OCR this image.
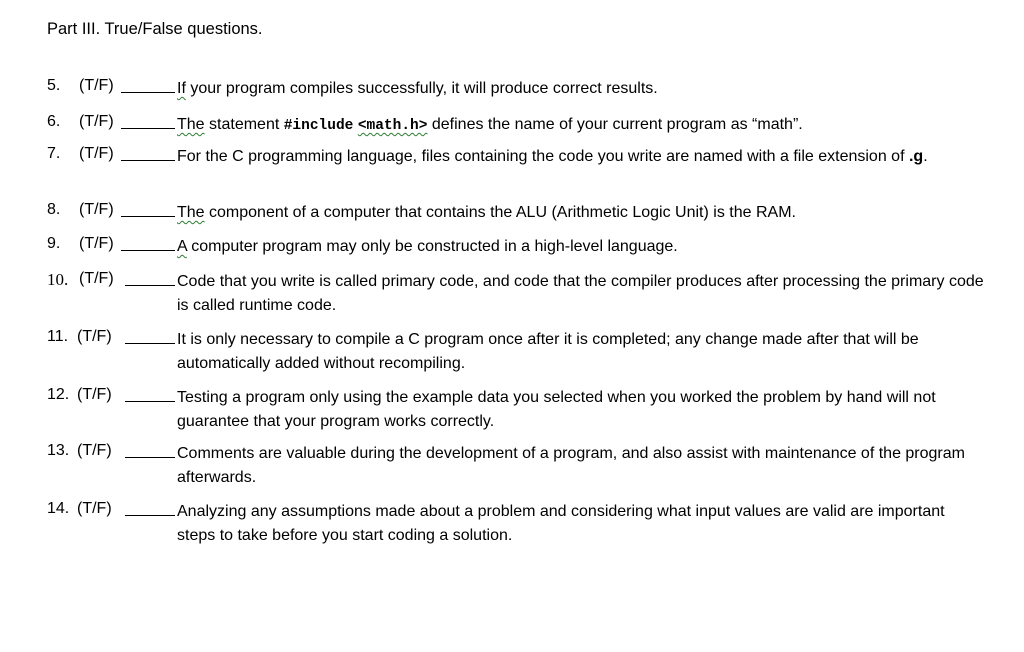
Part III. True/False questions.
5. (T/F)	If your program compiles successfully, it will produce correct results.
6. (T/F)	The statement #include <math.h> defines the name of your current program as “math”.
7. (T/F)	For the C programming language, files containing the code you write are named with a file extension of .g.
8. (T/F)	The component of a computer that contains the ALU (Arithmetic Logic Unit) is the RAM.
9. (T/F)	A computer program may only be constructed in a high-level language.
10. (T/F)	Code that you write is called primary code, and code that the compiler produces after processing the primary code is called runtime code.
11. (T/F)	It is only necessary to compile a C program once after it is completed; any change made after that will be automatically added without recompiling.
12. (T/F)	Testing a program only using the example data you selected when you worked the problem by hand will not guarantee that your program works correctly.
13. (T/F)	Comments are valuable during the development of a program, and also assist with maintenance of the program afterwards.
14. (T/F)	Analyzing any assumptions made about a problem and considering what input values are valid are important steps to take before you start coding a solution.
